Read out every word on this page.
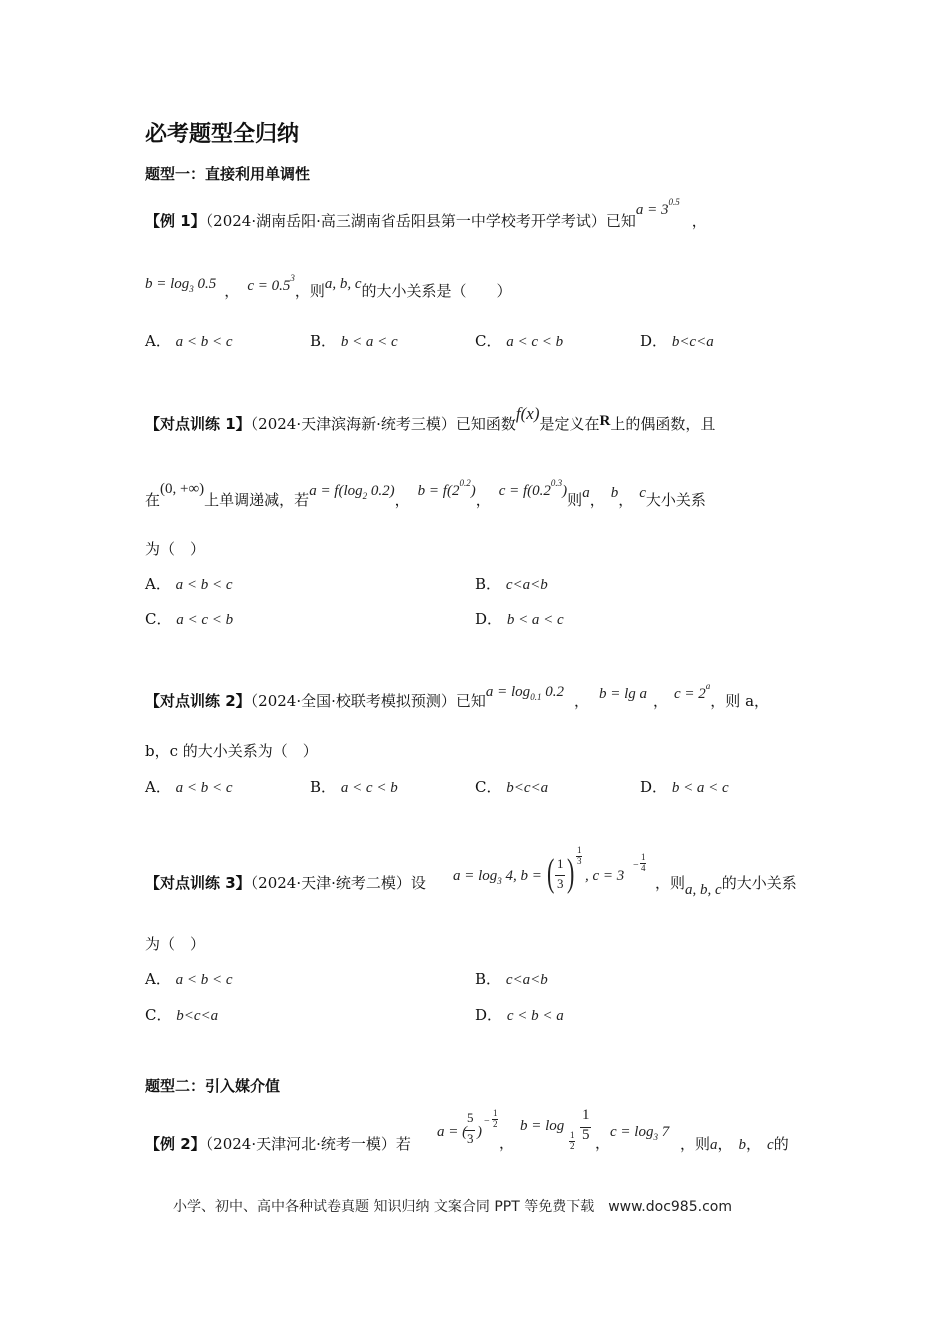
必考题型全归纳
题型一：直接利用单调性
【例 1】（2024·湖南岳阳·高三湖南省岳阳县第一中学校考开学考试）已知$a = 3^{0.5}$，
$b = \log_3 0.5$ ， $c = 0.5^3$，则a, b, c的大小关系是（　　）
A． a < b < c	B． b < a < c	C． a < c < b	D． b<c<a
【对点训练 1】（2024·天津滨海新·统考三模）已知函数f(x)是定义在R上的偶函数，且
在(0, +∞)上单调递减，若$a = f(\log_2$ 0.2)， $b = f(2^{0.2})$， $c = f(0.2^{0.3})$则a， b， c大小关系
为（　）
A． a < b < c	B． c<a<b
C． a < c < b	D． b < a < c
【对点训练 2】（2024·全国·校联考模拟预测）已知$a = \log_{0.1} 0.2$ ， b = lg a ， $c = 2^a$，则 a，
b，c 的大小关系为（　）
A． a < b < c	B． a < c < b	C． b<c<a	D． b < a < c
【对点训练 3】（2024·天津·统考二模）设 $a = \log_3 4$, b = ( 1
3 ) 1
3
, c = 3
−
1
4
，则a, b, c的大小关系
为（　）
A． a < b < c	B． c<a<b
C． b<c<a	D． c < b < a
题型二：引入媒介值
【例 2】（2024·天津河北·统考一模）若
a = (
5
3 )
−
1
2
，
b = log
1
2
1
5 ，
$c = \log_3 7$
，则a， b， c的
小学、初中、高中各种试卷真题 知识归纳 文案合同 PPT 等免费下载　www.doc985.com
